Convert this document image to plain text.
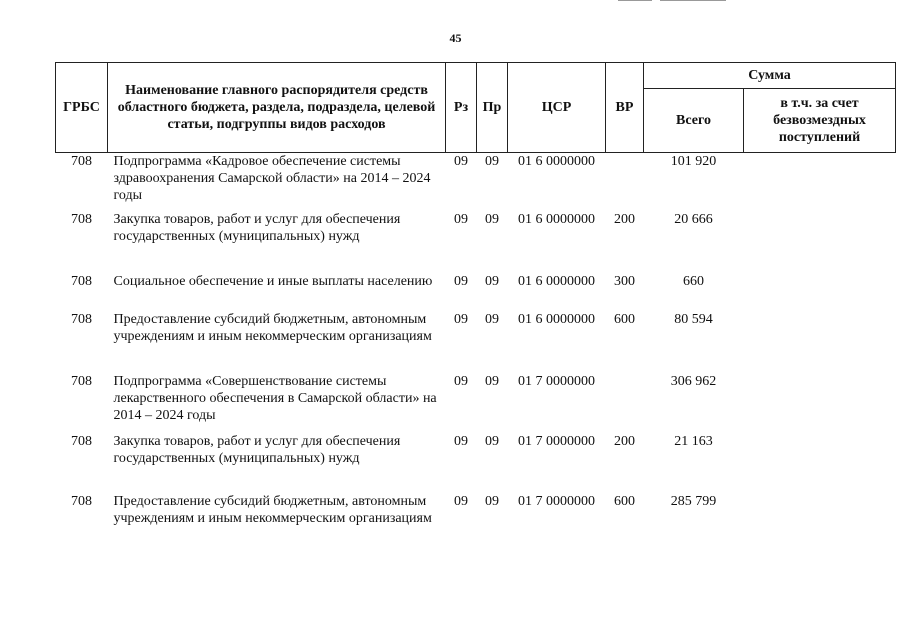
45
ГРБС	Наименование главного распорядителя средств областного бюджета, раздела, подраздела, целевой статьи, подгруппы видов расходов	Рз	Пр	ЦСР	ВР	Сумма	
						Всего	в т.ч. за счет безвозмездных поступлений
708	Подпрограмма «Кадровое обеспечение системы здравоохранения Самарской области» на 2014 – 2024 годы	09	09	01 6 0000000		101 920	
708	Закупка товаров, работ и услуг для обеспечения государственных (муниципальных) нужд	09	09	01 6 0000000	200	20 666	
708	Социальное обеспечение и иные выплаты населению	09	09	01 6 0000000	300	660	
708	Предоставление субсидий бюджетным, автономным учреждениям и иным некоммерческим организациям	09	09	01 6 0000000	600	80 594	
708	Подпрограмма «Совершенствование системы лекарственного обеспечения в Самарской области» на 2014 – 2024 годы	09	09	01 7 0000000		306 962	
708	Закупка товаров, работ и услуг для обеспечения государственных (муниципальных) нужд	09	09	01 7 0000000	200	21 163	
708	Предоставление субсидий бюджетным, автономным учреждениям и иным некоммерческим организациям	09	09	01 7 0000000	600	285 799	
